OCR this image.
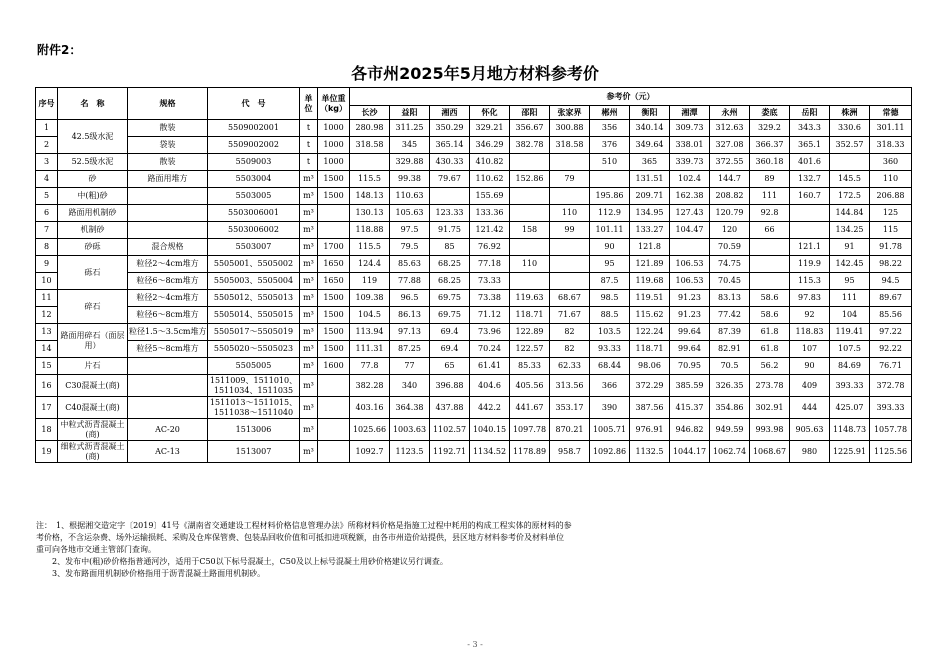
附件2：
各市州2025年5月地方材料参考价
序号	名　称	规格	代　号	单位	单位重（kg）	参考价（元）													
						长沙	益阳	湘西	怀化	邵阳	张家界	郴州	衡阳	湘潭	永州	娄底	岳阳	株洲	常德
1	42.5级水泥	散装	5509002001	t	1000	280.98	311.25	350.29	329.21	356.67	300.88	356	340.14	309.73	312.63	329.2	343.3	330.6	301.11
2		袋装	5509002002	t	1000	318.58	345	365.14	346.29	382.78	318.58	376	349.64	338.01	327.08	366.37	365.1	352.57	318.33
3	52.5级水泥	散装	5509003	t	1000		329.88	430.33	410.82			510	365	339.73	372.55	360.18	401.6		360
4	砂	路面用堆方	5503004	m³	1500	115.5	99.38	79.67	110.62	152.86	79		131.51	102.4	144.7	89	132.7	145.5	110
5	中(粗)砂		5503005	m³	1500	148.13	110.63		155.69			195.86	209.71	162.38	208.82	111	160.7	172.5	206.88
6	路面用机制砂		5503006001	m³		130.13	105.63	123.33	133.36		110	112.9	134.95	127.43	120.79	92.8		144.84	125
7	机制砂		5503006002	m³		118.88	97.5	91.75	121.42	158	99	101.11	133.27	104.47	120	66		134.25	115
8	砂砾	混合规格	5503007	m³	1700	115.5	79.5	85	76.92			90	121.8		70.59		121.1	91	91.78
9	砾石	粒径2～4cm堆方	5505001、5505002	m³	1650	124.4	85.63	68.25	77.18	110		95	121.89	106.53	74.75		119.9	142.45	98.22
10		粒径6～8cm堆方	5505003、5505004	m³	1650	119	77.88	68.25	73.33			87.5	119.68	106.53	70.45		115.3	95	94.5
11	碎石	粒径2～4cm堆方	5505012、5505013	m³	1500	109.38	96.5	69.75	73.38	119.63	68.67	98.5	119.51	91.23	83.13	58.6	97.83	111	89.67
12		粒径6～8cm堆方	5505014、5505015	m³	1500	104.5	86.13	69.75	71.12	118.71	71.67	88.5	115.62	91.23	77.42	58.6	92	104	85.56
13	路面用碎石（面层用）	粒径1.5～3.5cm堆方	5505017～5505019	m³	1500	113.94	97.13	69.4	73.96	122.89	82	103.5	122.24	99.64	87.39	61.8	118.83	119.41	97.22
14		粒径5～8cm堆方	5505020～5505023	m³	1500	111.31	87.25	69.4	70.24	122.57	82	93.33	118.71	99.64	82.91	61.8	107	107.5	92.22
15	片石		5505005	m³	1600	77.8	77	65	61.41	85.33	62.33	68.44	98.06	70.95	70.5	56.2	90	84.69	76.71
16	C30混凝土(商)		1511009、1511010、1511034、1511035	m³		382.28	340	396.88	404.6	405.56	313.56	366	372.29	385.59	326.35	273.78	409	393.33	372.78
17	C40混凝土(商)		1511013～1511015、1511038～1511040	m³		403.16	364.38	437.88	442.2	441.67	353.17	390	387.56	415.37	354.86	302.91	444	425.07	393.33
18	中粒式沥青混凝土(商)	AC-20	1513006	m³		1025.66	1003.63	1102.57	1040.15	1097.78	870.21	1005.71	976.91	946.82	949.59	993.98	905.63	1148.73	1057.78
19	细粒式沥青混凝土(商)	AC-13	1513007	m³		1092.7	1123.5	1192.71	1134.52	1178.89	958.7	1092.86	1132.5	1044.17	1062.74	1068.67	980	1225.91	1125.56
注：　1、根据湘交造定字〔2019〕41号《湖南省交通建设工程材料价格信息管理办法》所称材料价格是指施工过程中耗用的构成工程实体的原材料的参
考价格，不含运杂费、场外运输损耗、采购及仓库保管费、包装品回收价值和可抵扣进项税额，由各市州造价站提供，县区地方材料参考价及材料单位
重可向各地市交通主管部门查询。
　　2、发布中(粗)砂价格指普通河沙，适用于C50以下标号混凝土，C50及以上标号混凝土用砂价格建议另行调查。
　　3、发布路面用机制砂价格指用于沥青混凝土路面用机制砂。
- 3 -
